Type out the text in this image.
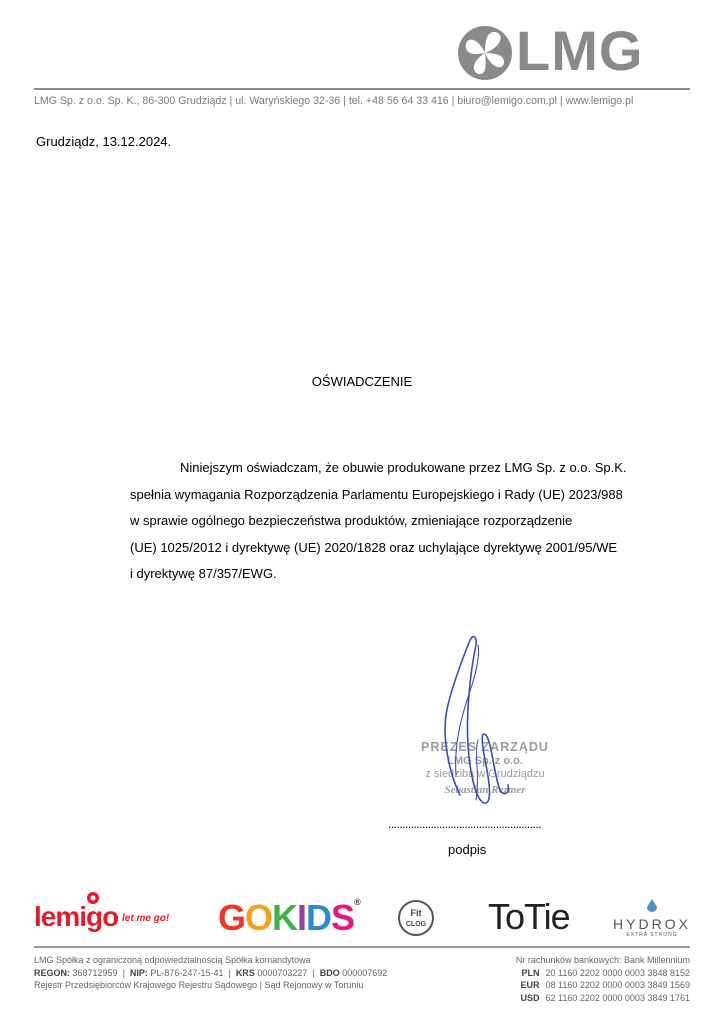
LMG
LMG Sp. z o.o. Sp. K., 86-300 Grudziądz | ul. Waryńskiego 32-36 | tel. +48 56 64 33 416 | biuro@lemigo.com.pl | www.lemigo.pl
Grudziądz, 13.12.2024.
OŚWIADCZENIE

Niniejszym oświadczam, że obuwie produkowane przez LMG Sp. z o.o. Sp.K.

spełnia wymagania Rozporządzenia Parlamentu Europejskiego i Rady (UE) 2023/988

w sprawie ogólnego bezpieczeństwa produktów, zmieniające rozporządzenie

(UE) 1025/2012 i dyrektywę (UE) 2020/1828 oraz uchylające dyrektywę 2001/95/WE

i dyrektywę 87/357/EWG.

PREZES ZARZĄDU
LMG Sp. z o.o.
z siedzibą w Grudziądzu
Sebastian Rezmer
......................................................
podpis
lemigo let me go! GOKIDS®
Fit
CLOG ToTie	HYDROX
EXTRA STRONG
LMG Spółka z ograniczoną odpowiedzialnością Spółka komandytowa
REGON: 368712959  |  NIP: PL-876-247-15-41  |  KRS 0000703227  |  BDO 000007692
Rejestr Przedsiębiorców Krajowego Rejestru Sądowego | Sąd Rejonowy w Toruniu
Nr rachunków bankowych: Bank Millennium
PLN 20 1160 2202 0000 0003 3848 8152
EUR 08 1160 2202 0000 0003 3849 1569
USD 62 1160 2202 0000 0003 3849 1761
